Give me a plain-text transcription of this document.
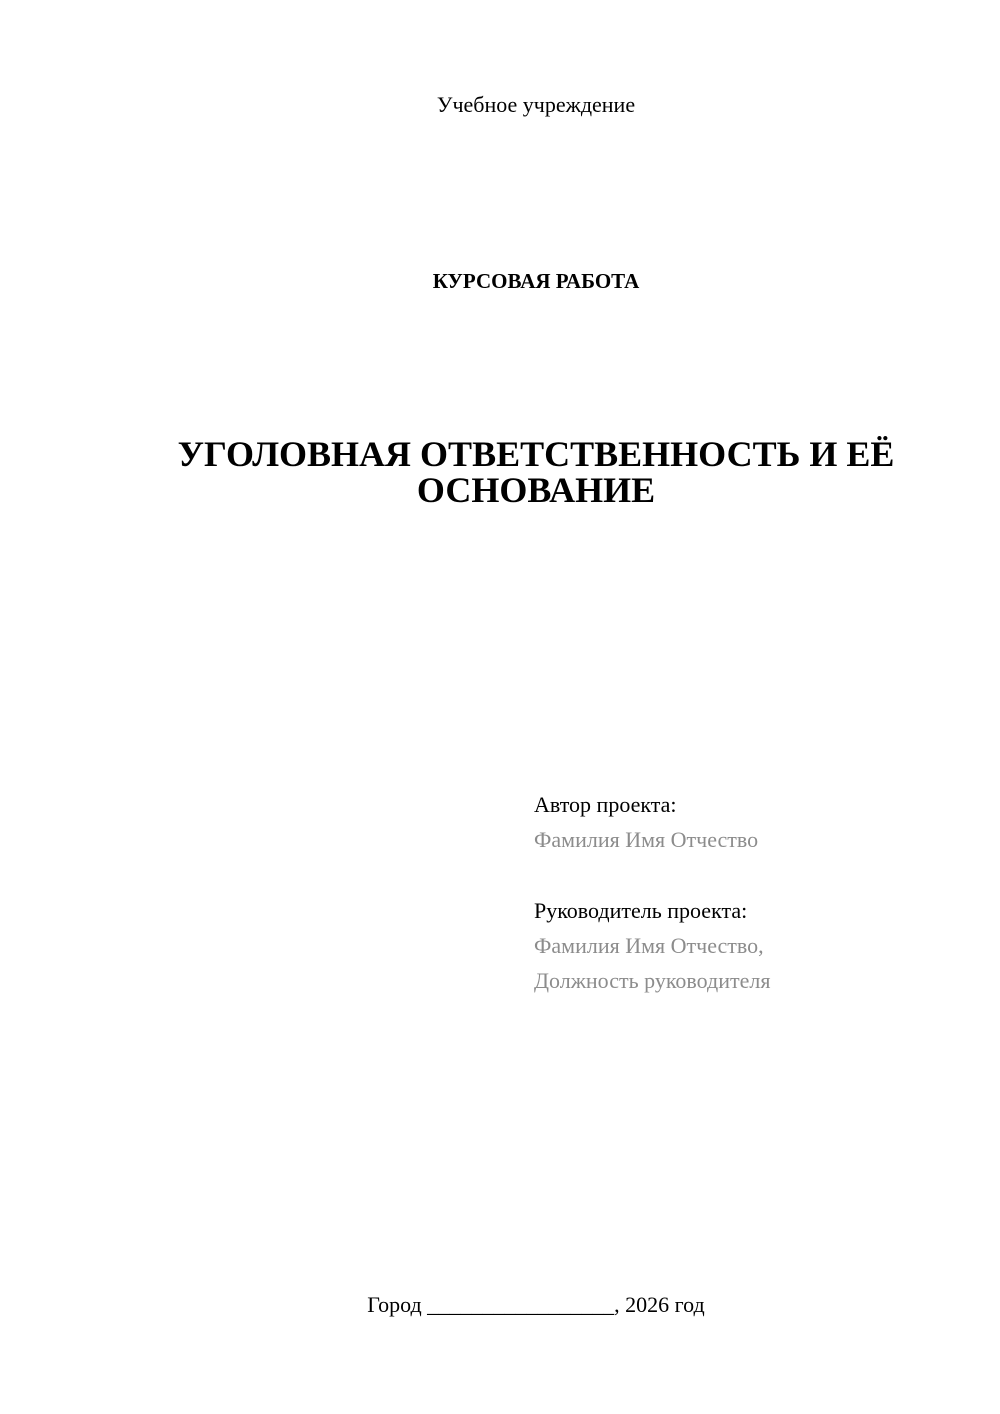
Учебное учреждение
КУРСОВАЯ РАБОТА
УГОЛОВНАЯ ОТВЕТСТВЕННОСТЬ И ЕЁ
ОСНОВАНИЕ
Автор проекта:
Фамилия Имя Отчество
Руководитель проекта:
Фамилия Имя Отчество,
Должность руководителя
Город _________________, 2026 год
